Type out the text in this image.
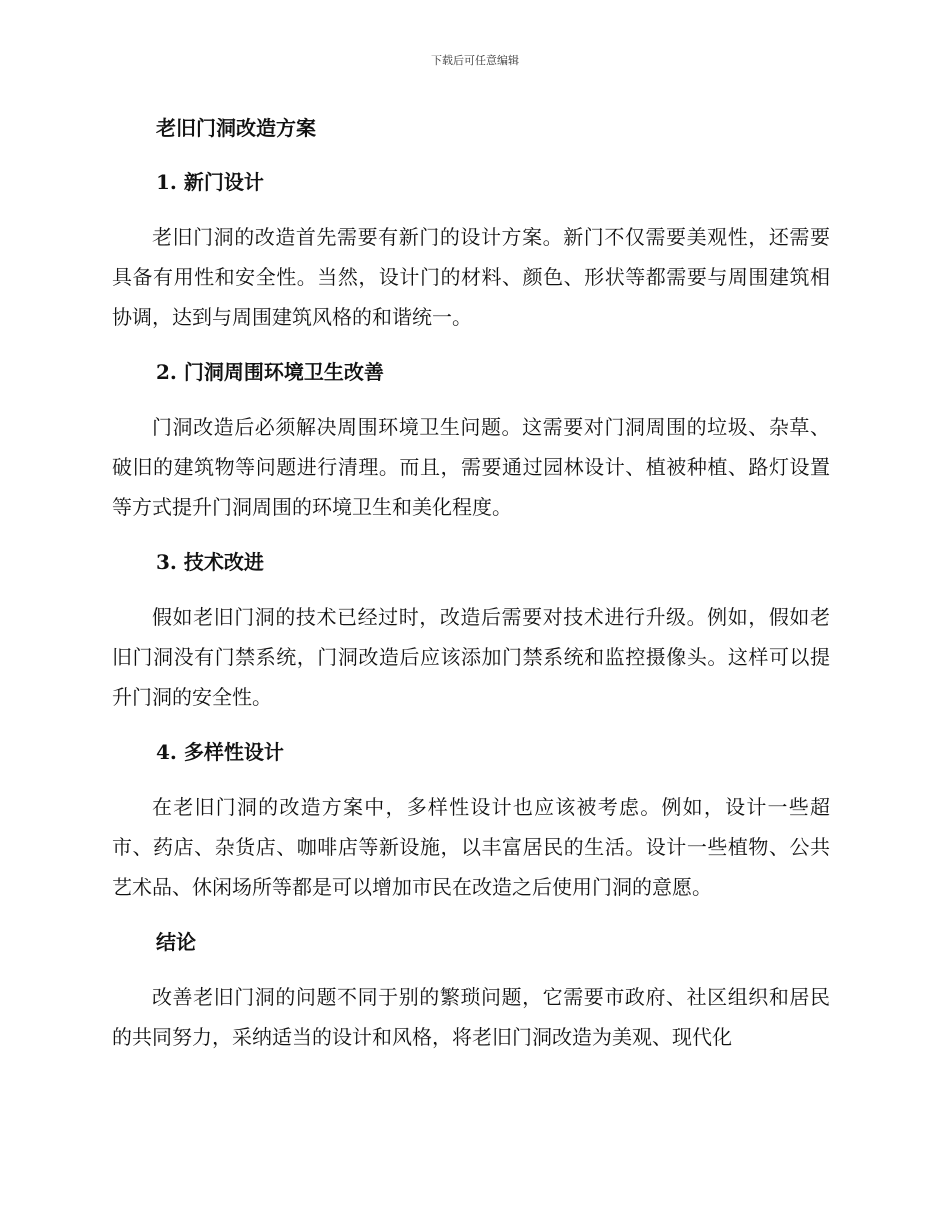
下载后可任意编辑
老旧门洞改造方案
1. 新门设计

老旧门洞的改造首先需要有新门的设计方案。新门不仅需要美观性，还需要具备有用性和安全性。当然，设计门的材料、颜色、形状等都需要与周围建筑相协调，达到与周围建筑风格的和谐统一。

2. 门洞周围环境卫生改善

门洞改造后必须解决周围环境卫生问题。这需要对门洞周围的垃圾、杂草、破旧的建筑物等问题进行清理。而且，需要通过园林设计、植被种植、路灯设置等方式提升门洞周围的环境卫生和美化程度。

3. 技术改进

假如老旧门洞的技术已经过时，改造后需要对技术进行升级。例如，假如老旧门洞没有门禁系统，门洞改造后应该添加门禁系统和监控摄像头。这样可以提升门洞的安全性。

4. 多样性设计

在老旧门洞的改造方案中，多样性设计也应该被考虑。例如，设计一些超市、药店、杂货店、咖啡店等新设施，以丰富居民的生活。设计一些植物、公共艺术品、休闲场所等都是可以增加市民在改造之后使用门洞的意愿。

结论

改善老旧门洞的问题不同于别的繁琐问题，它需要市政府、社区组织和居民的共同努力，采纳适当的设计和风格，将老旧门洞改造为美观、现代化
